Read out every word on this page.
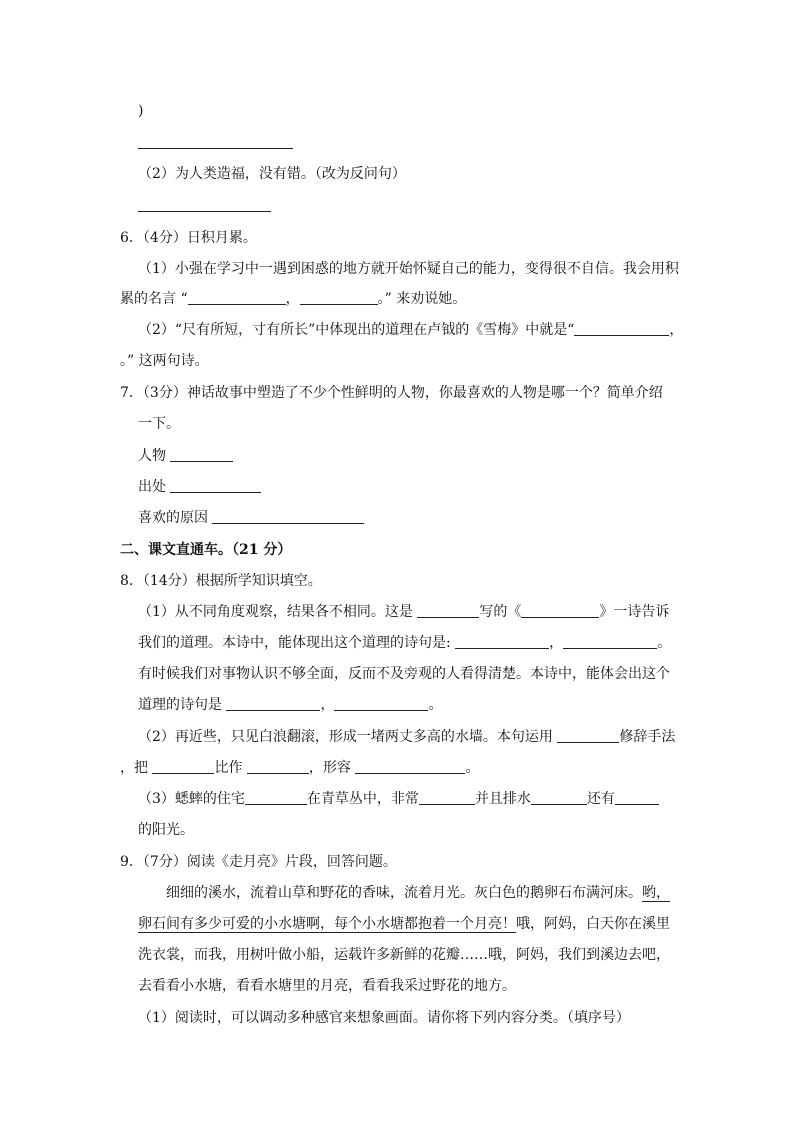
)
（2）为人类造福，没有错。（改为反问句）
6．（4分）日积月累。
（1）小强在学习中一遇到困惑的地方就开始怀疑自己的能力，变得很不自信。我会用积
累的名言 “	，	。” 来劝说她。
（2）“尺有所短，寸有所长”中体现出的道理在卢钺的《雪梅》中就是“	，
。” 这两句诗。
7．（3分）神话故事中塑造了不少个性鲜明的人物，你最喜欢的人物是哪一个？简单介绍
一下。
人物
出处
喜欢的原因
二、课文直通车。（21 分）
8．（14分）根据所学知识填空。
（1）从不同角度观察，结果各不相同。这是	写的《	》一诗告诉
我们的道理。本诗中，能体现出这个道理的诗句是:	，	。
有时候我们对事物认识不够全面，反而不及旁观的人看得清楚。本诗中，能体会出这个
道理的诗句是	，	。
（2）再近些，只见白浪翻滚，形成一堵两丈多高的水墙。本句运用	修辞手法
，把	比作	，形容	。
（3）蟋蟀的住宅	在青草丛中，非常	并且排水	还有
的阳光。
9．（7分）阅读《走月亮》片段，回答问题。
细细的溪水，流着山草和野花的香味，流着月光。灰白色的鹅卵石布满河床。哟，
卵石间有多少可爱的小水塘啊，每个小水塘都抱着一个月亮！哦，阿妈，白天你在溪里
洗衣裳，而我，用树叶做小船，运载许多新鲜的花瓣……哦，阿妈，我们到溪边去吧，
去看看小水塘，看看水塘里的月亮，看看我采过野花的地方。
（1）阅读时，可以调动多种感官来想象画面。请你将下列内容分类。（填序号）
